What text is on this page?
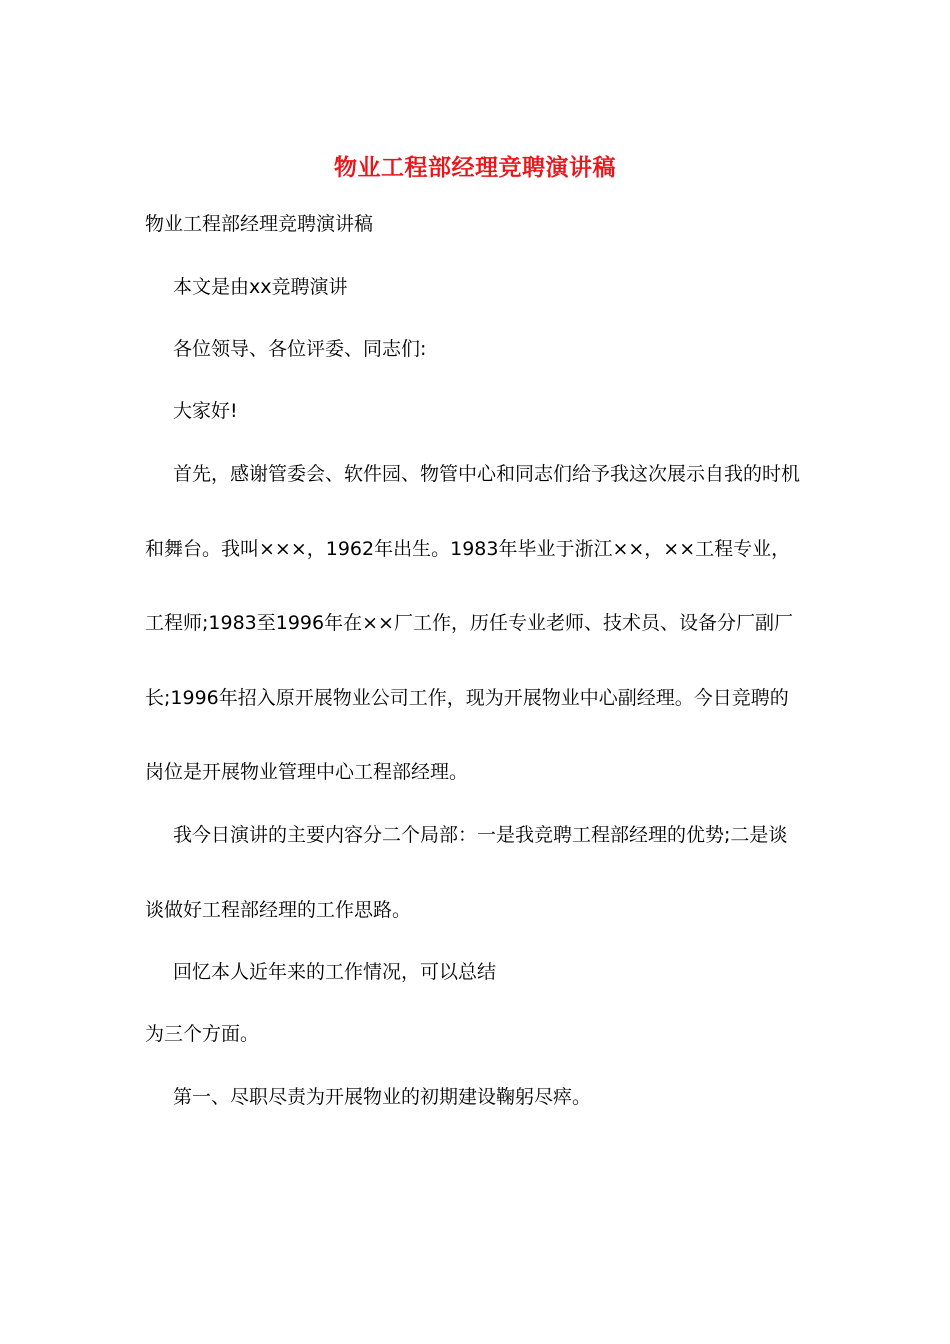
物业工程部经理竞聘演讲稿
物业工程部经理竞聘演讲稿
本文是由xx竞聘演讲
各位领导、各位评委、同志们:
大家好!
首先，感谢管委会、软件园、物管中心和同志们给予我这次展示自我的时机
和舞台。我叫×××，1962年出生。1983年毕业于浙江××，××工程专业，
工程师;1983至1996年在××厂工作，历任专业老师、技术员、设备分厂副厂
长;1996年招入原开展物业公司工作，现为开展物业中心副经理。今日竞聘的
岗位是开展物业管理中心工程部经理。
我今日演讲的主要内容分二个局部：一是我竞聘工程部经理的优势;二是谈
谈做好工程部经理的工作思路。
回忆本人近年来的工作情况，可以总结
为三个方面。
第一、尽职尽责为开展物业的初期建设鞠躬尽瘁。
